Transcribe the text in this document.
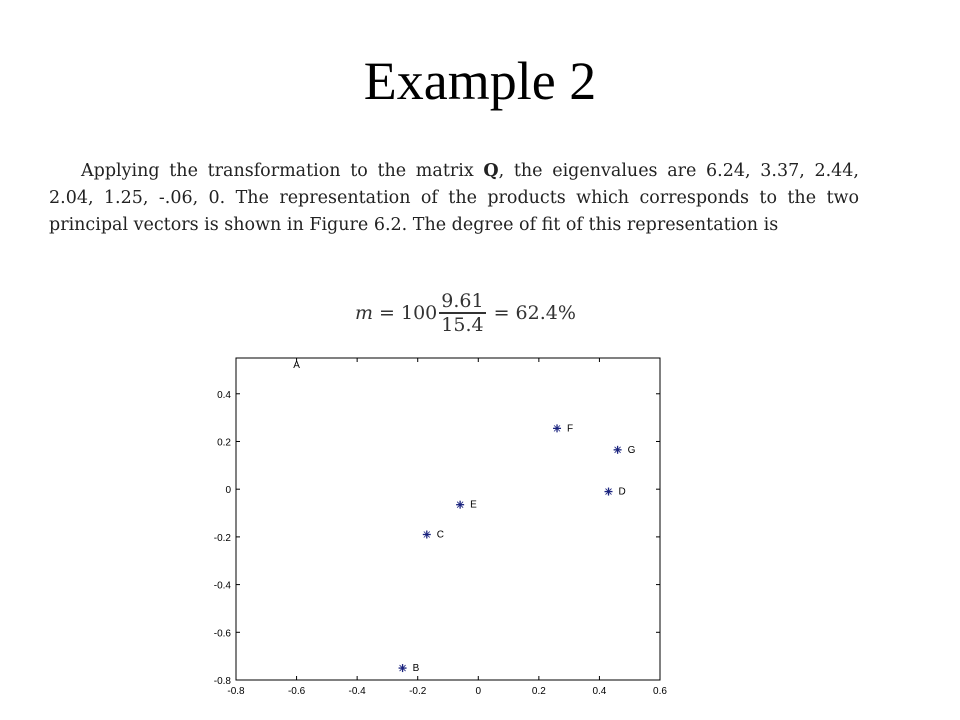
Example 2
Applying the transformation to the matrix Q, the eigenvalues are 6.24, 3.37, 2.44, 2.04, 1.25, -.06, 0. The representation of the products which corresponds to the two principal vectors is shown in Figure 6.2. The degree of fit of this representation is
$m = 100 \frac{9.61}{15.4} = 62.4\%$
-0.8	-0.6	-0.4	-0.2	0	0.2	0.4	0.6
-0.8
-0.6
-0.4
-0.2
0
0.2
0.4
A
F
G
D
E
C
B
